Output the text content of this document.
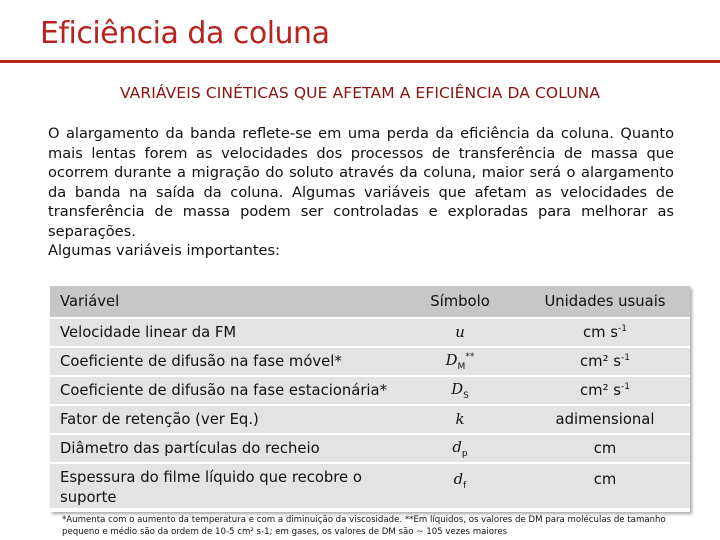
Eficiência da coluna
VARIÁVEIS CINÉTICAS QUE AFETAM A EFICIÊNCIA DA COLUNA
O alargamento da banda reflete-se em uma perda da eficiência da coluna. Quanto mais lentas forem as velocidades dos processos de transferência de massa que ocorrem durante a migração do soluto através da coluna, maior será o alargamento da banda na saída da coluna. Algumas variáveis que afetam as velocidades de transferência de massa podem ser controladas e exploradas para melhorar as separações.
Algumas variáveis importantes:
Variável	Símbolo	Unidades usuais
Velocidade linear da FM	u	cm $s^{-1}$
Coeficiente de difusão na fase móvel*	$D_M^{**}$	cm² $s^{-1}$
Coeficiente de difusão na fase estacionária*	$D_S$	cm² $s^{-1}$
Fator de retenção (ver Eq.)	k	adimensional
Diâmetro das partículas do recheio	$d_p$	cm
Espessura do filme líquido que recobre o suporte	$d_f$	cm
*Aumenta com o aumento da temperatura e com a diminuição da viscosidade. **Em líquidos, os valores de DM para moléculas de tamanho pequeno e médio são da ordem de 10-5 cm² s-1; em gases, os valores de DM são ~ 105 vezes maiores
